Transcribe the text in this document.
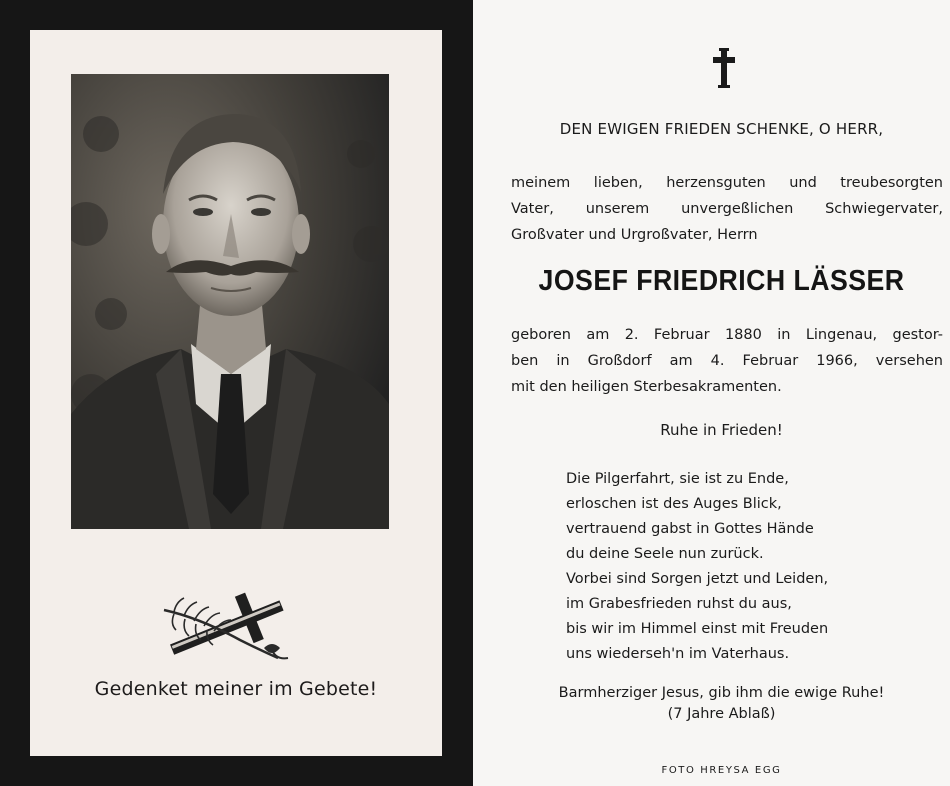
Gedenket meiner im Gebete!
DEN EWIGEN FRIEDEN SCHENKE, O HERR,
meinem lieben, herzensguten und treubesorgten
Vater, unserem unvergeßlichen Schwiegervater,
Großvater und Urgroßvater, Herrn
JOSEF FRIEDRICH LÄSSER
geboren am 2. Februar 1880 in Lingenau, gestor-
ben in Großdorf am 4. Februar 1966, versehen
mit den heiligen Sterbesakramenten.
Ruhe in Frieden!
Die Pilgerfahrt, sie ist zu Ende,
erloschen ist des Auges Blick,
vertrauend gabst in Gottes Hände
du deine Seele nun zurück.
Vorbei sind Sorgen jetzt und Leiden,
im Grabesfrieden ruhst du aus,
bis wir im Himmel einst mit Freuden
uns wiederseh'n im Vaterhaus.
Barmherziger Jesus, gib ihm die ewige Ruhe!
(7 Jahre Ablaß)
FOTO HREYSA EGG
